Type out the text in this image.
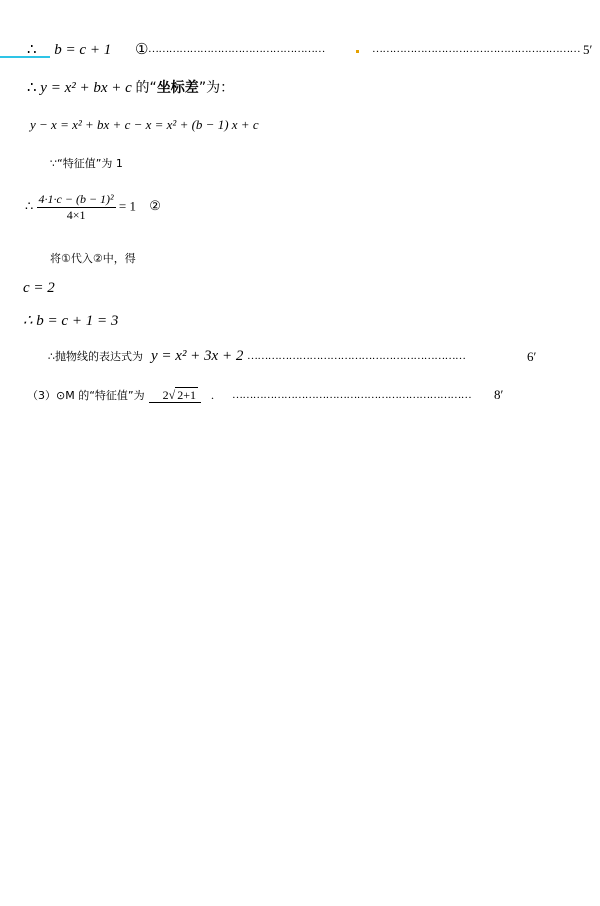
∴ b = c + 1 ① ……………………………………………	…………………………………………………… 5′
∴ y = x² + bx + c 的“坐标差”为：
y − x = x² + bx + c − x = x² + (b − 1) x + c
∵“特征值”为 1
∴ $\frac{\text{4·1·c − (b − 1)²}}{4\times 1} = 1$ ②
将①代入②中，得
c = 2
∴ b = c + 1 = 3
∴抛物线的表达式为 y = x² + 3x + 2 ………………………………………………………	6′
（3）⊙M 的“特征值”为 2√ 2+1 . …………………………………………………………… 8′
